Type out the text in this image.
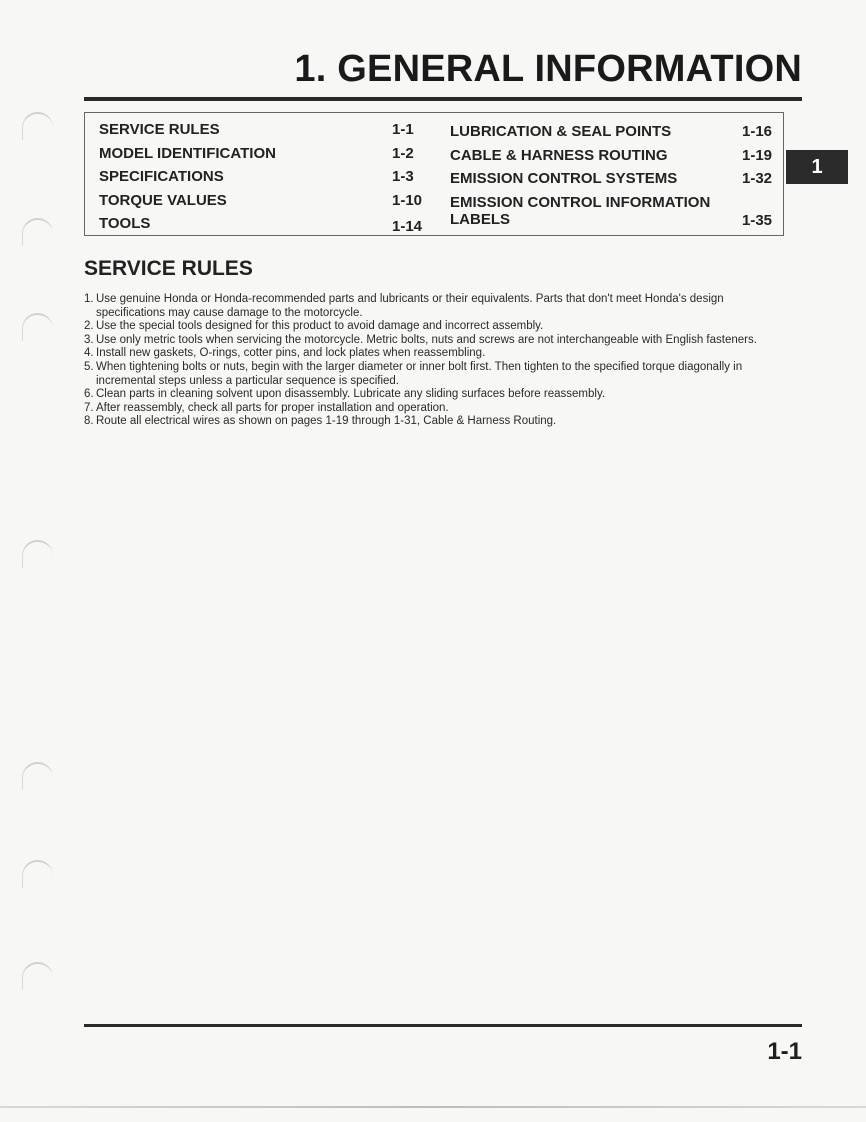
1. GENERAL INFORMATION
SERVICE RULES	1-1
MODEL IDENTIFICATION	1-2
SPECIFICATIONS	1-3
TORQUE VALUES	1-10
TOOLS	1-14
LUBRICATION & SEAL POINTS	1-16
CABLE & HARNESS ROUTING	1-19
EMISSION CONTROL SYSTEMS	1-32
EMISSION CONTROL INFORMATION
LABELS	1-35
1
SERVICE RULES
1. Use genuine Honda or Honda-recommended parts and lubricants or their equivalents. Parts that don't meet Honda's design specifications may cause damage to the motorcycle.
2. Use the special tools designed for this product to avoid damage and incorrect assembly.
3. Use only metric tools when servicing the motorcycle. Metric bolts, nuts and screws are not interchangeable with English fasteners.
4. Install new gaskets, O-rings, cotter pins, and lock plates when reassembling.
5. When tightening bolts or nuts, begin with the larger diameter or inner bolt first. Then tighten to the specified torque diagonally in incremental steps unless a particular sequence is specified.
6. Clean parts in cleaning solvent upon disassembly. Lubricate any sliding surfaces before reassembly.
7. After reassembly, check all parts for proper installation and operation.
8. Route all electrical wires as shown on pages 1-19 through 1-31, Cable & Harness Routing.
1-1
